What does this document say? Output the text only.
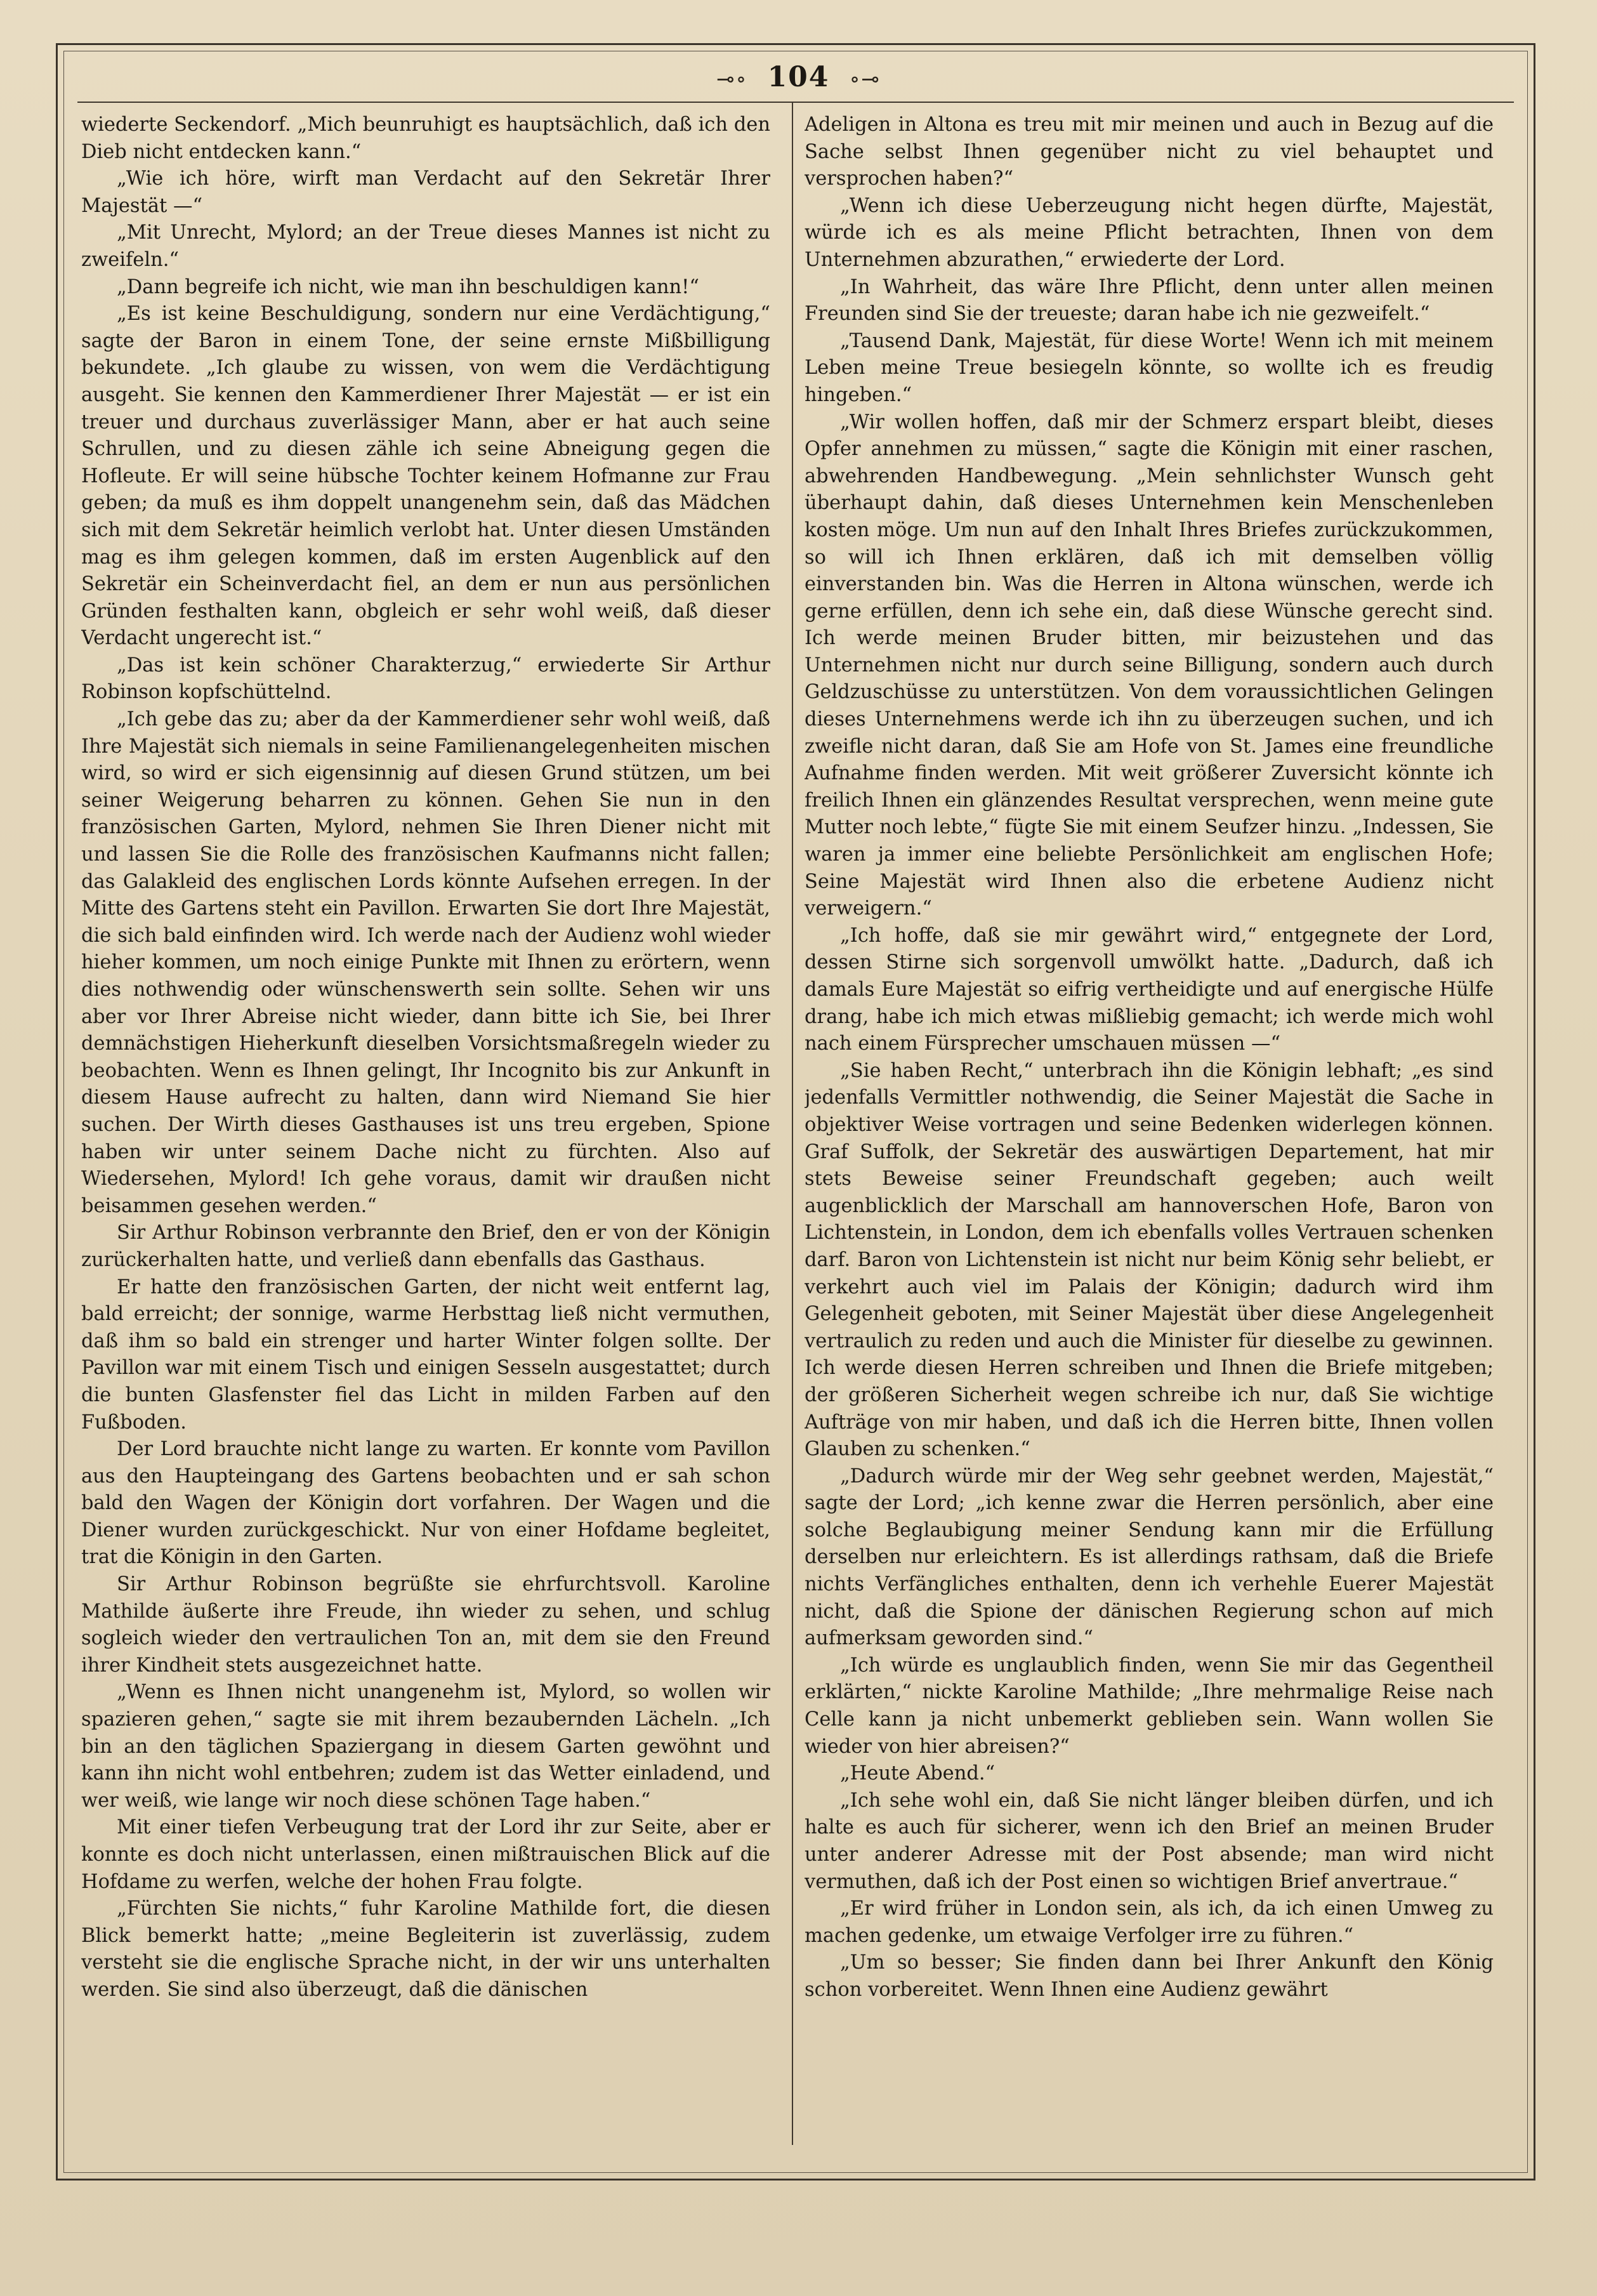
⊸∘ 104 ∘⊸

wiederte Seckendorf. „Mich beunruhigt es hauptsächlich, daß ich den Dieb nicht entdecken kann.“

„Wie ich höre, wirft man Verdacht auf den Sekretär Ihrer Majestät —“

„Mit Unrecht, Mylord; an der Treue dieses Mannes ist nicht zu zweifeln.“

„Dann begreife ich nicht, wie man ihn beschuldigen kann!“

„Es ist keine Beschuldigung, sondern nur eine Verdächtigung,“ sagte der Baron in einem Tone, der seine ernste Mißbilligung bekundete. „Ich glaube zu wissen, von wem die Verdächtigung ausgeht. Sie kennen den Kammerdiener Ihrer Majestät — er ist ein treuer und durchaus zuverlässiger Mann, aber er hat auch seine Schrullen, und zu diesen zähle ich seine Abneigung gegen die Hofleute. Er will seine hübsche Tochter keinem Hofmanne zur Frau geben; da muß es ihm doppelt unangenehm sein, daß das Mädchen sich mit dem Sekretär heimlich verlobt hat. Unter diesen Umständen mag es ihm gelegen kommen, daß im ersten Augenblick auf den Sekretär ein Scheinverdacht fiel, an dem er nun aus persönlichen Gründen festhalten kann, obgleich er sehr wohl weiß, daß dieser Verdacht ungerecht ist.“

„Das ist kein schöner Charakterzug,“ erwiederte Sir Arthur Robinson kopfschüttelnd.

„Ich gebe das zu; aber da der Kammerdiener sehr wohl weiß, daß Ihre Majestät sich niemals in seine Familienangelegenheiten mischen wird, so wird er sich eigensinnig auf diesen Grund stützen, um bei seiner Weigerung beharren zu können. Gehen Sie nun in den französischen Garten, Mylord, nehmen Sie Ihren Diener nicht mit und lassen Sie die Rolle des französischen Kaufmanns nicht fallen; das Galakleid des englischen Lords könnte Aufsehen erregen. In der Mitte des Gartens steht ein Pavillon. Erwarten Sie dort Ihre Majestät, die sich bald einfinden wird. Ich werde nach der Audienz wohl wieder hieher kommen, um noch einige Punkte mit Ihnen zu erörtern, wenn dies nothwendig oder wünschenswerth sein sollte. Sehen wir uns aber vor Ihrer Abreise nicht wieder, dann bitte ich Sie, bei Ihrer demnächstigen Hieherkunft dieselben Vorsichtsmaßregeln wieder zu beobachten. Wenn es Ihnen gelingt, Ihr Incognito bis zur Ankunft in diesem Hause aufrecht zu halten, dann wird Niemand Sie hier suchen. Der Wirth dieses Gasthauses ist uns treu ergeben, Spione haben wir unter seinem Dache nicht zu fürchten. Also auf Wiedersehen, Mylord! Ich gehe voraus, damit wir draußen nicht beisammen gesehen werden.“

Sir Arthur Robinson verbrannte den Brief, den er von der Königin zurückerhalten hatte, und verließ dann ebenfalls das Gasthaus.

Er hatte den französischen Garten, der nicht weit entfernt lag, bald erreicht; der sonnige, warme Herbsttag ließ nicht vermuthen, daß ihm so bald ein strenger und harter Winter folgen sollte. Der Pavillon war mit einem Tisch und einigen Sesseln ausgestattet; durch die bunten Glasfenster fiel das Licht in milden Farben auf den Fußboden.

Der Lord brauchte nicht lange zu warten. Er konnte vom Pavillon aus den Haupteingang des Gartens beobachten und er sah schon bald den Wagen der Königin dort vorfahren. Der Wagen und die Diener wurden zurückgeschickt. Nur von einer Hofdame begleitet, trat die Königin in den Garten.

Sir Arthur Robinson begrüßte sie ehrfurchtsvoll. Karoline Mathilde äußerte ihre Freude, ihn wieder zu sehen, und schlug sogleich wieder den vertraulichen Ton an, mit dem sie den Freund ihrer Kindheit stets ausgezeichnet hatte.

„Wenn es Ihnen nicht unangenehm ist, Mylord, so wollen wir spazieren gehen,“ sagte sie mit ihrem bezaubernden Lächeln. „Ich bin an den täglichen Spaziergang in diesem Garten gewöhnt und kann ihn nicht wohl entbehren; zudem ist das Wetter einladend, und wer weiß, wie lange wir noch diese schönen Tage haben.“

Mit einer tiefen Verbeugung trat der Lord ihr zur Seite, aber er konnte es doch nicht unterlassen, einen mißtrauischen Blick auf die Hofdame zu werfen, welche der hohen Frau folgte.

„Fürchten Sie nichts,“ fuhr Karoline Mathilde fort, die diesen Blick bemerkt hatte; „meine Begleiterin ist zuverlässig, zudem versteht sie die englische Sprache nicht, in der wir uns unterhalten werden. Sie sind also überzeugt, daß die dänischen

Adeligen in Altona es treu mit mir meinen und auch in Bezug auf die Sache selbst Ihnen gegenüber nicht zu viel behauptet und versprochen haben?“

„Wenn ich diese Ueberzeugung nicht hegen dürfte, Majestät, würde ich es als meine Pflicht betrachten, Ihnen von dem Unternehmen abzurathen,“ erwiederte der Lord.

„In Wahrheit, das wäre Ihre Pflicht, denn unter allen meinen Freunden sind Sie der treueste; daran habe ich nie gezweifelt.“

„Tausend Dank, Majestät, für diese Worte! Wenn ich mit meinem Leben meine Treue besiegeln könnte, so wollte ich es freudig hingeben.“

„Wir wollen hoffen, daß mir der Schmerz erspart bleibt, dieses Opfer annehmen zu müssen,“ sagte die Königin mit einer raschen, abwehrenden Handbewegung. „Mein sehnlichster Wunsch geht überhaupt dahin, daß dieses Unternehmen kein Menschenleben kosten möge. Um nun auf den Inhalt Ihres Briefes zurückzukommen, so will ich Ihnen erklären, daß ich mit demselben völlig einverstanden bin. Was die Herren in Altona wünschen, werde ich gerne erfüllen, denn ich sehe ein, daß diese Wünsche gerecht sind. Ich werde meinen Bruder bitten, mir beizustehen und das Unternehmen nicht nur durch seine Billigung, sondern auch durch Geldzuschüsse zu unterstützen. Von dem voraussichtlichen Gelingen dieses Unternehmens werde ich ihn zu überzeugen suchen, und ich zweifle nicht daran, daß Sie am Hofe von St. James eine freundliche Aufnahme finden werden. Mit weit größerer Zuversicht könnte ich freilich Ihnen ein glänzendes Resultat versprechen, wenn meine gute Mutter noch lebte,“ fügte Sie mit einem Seufzer hinzu. „Indessen, Sie waren ja immer eine beliebte Persönlichkeit am englischen Hofe; Seine Majestät wird Ihnen also die erbetene Audienz nicht verweigern.“

„Ich hoffe, daß sie mir gewährt wird,“ entgegnete der Lord, dessen Stirne sich sorgenvoll umwölkt hatte. „Dadurch, daß ich damals Eure Majestät so eifrig vertheidigte und auf energische Hülfe drang, habe ich mich etwas mißliebig gemacht; ich werde mich wohl nach einem Fürsprecher umschauen müssen —“

„Sie haben Recht,“ unterbrach ihn die Königin lebhaft; „es sind jedenfalls Vermittler nothwendig, die Seiner Majestät die Sache in objektiver Weise vortragen und seine Bedenken widerlegen können. Graf Suffolk, der Sekretär des auswärtigen Departement, hat mir stets Beweise seiner Freundschaft gegeben; auch weilt augenblicklich der Marschall am hannoverschen Hofe, Baron von Lichtenstein, in London, dem ich ebenfalls volles Vertrauen schenken darf. Baron von Lichtenstein ist nicht nur beim König sehr beliebt, er verkehrt auch viel im Palais der Königin; dadurch wird ihm Gelegenheit geboten, mit Seiner Majestät über diese Angelegenheit vertraulich zu reden und auch die Minister für dieselbe zu gewinnen. Ich werde diesen Herren schreiben und Ihnen die Briefe mitgeben; der größeren Sicherheit wegen schreibe ich nur, daß Sie wichtige Aufträge von mir haben, und daß ich die Herren bitte, Ihnen vollen Glauben zu schenken.“

„Dadurch würde mir der Weg sehr geebnet werden, Majestät,“ sagte der Lord; „ich kenne zwar die Herren persönlich, aber eine solche Beglaubigung meiner Sendung kann mir die Erfüllung derselben nur erleichtern. Es ist allerdings rathsam, daß die Briefe nichts Verfängliches enthalten, denn ich verhehle Euerer Majestät nicht, daß die Spione der dänischen Regierung schon auf mich aufmerksam geworden sind.“

„Ich würde es unglaublich finden, wenn Sie mir das Gegentheil erklärten,“ nickte Karoline Mathilde; „Ihre mehrmalige Reise nach Celle kann ja nicht unbemerkt geblieben sein. Wann wollen Sie wieder von hier abreisen?“

„Heute Abend.“

„Ich sehe wohl ein, daß Sie nicht länger bleiben dürfen, und ich halte es auch für sicherer, wenn ich den Brief an meinen Bruder unter anderer Adresse mit der Post absende; man wird nicht vermuthen, daß ich der Post einen so wichtigen Brief anvertraue.“

„Er wird früher in London sein, als ich, da ich einen Umweg zu machen gedenke, um etwaige Verfolger irre zu führen.“

„Um so besser; Sie finden dann bei Ihrer Ankunft den König schon vorbereitet. Wenn Ihnen eine Audienz gewährt
